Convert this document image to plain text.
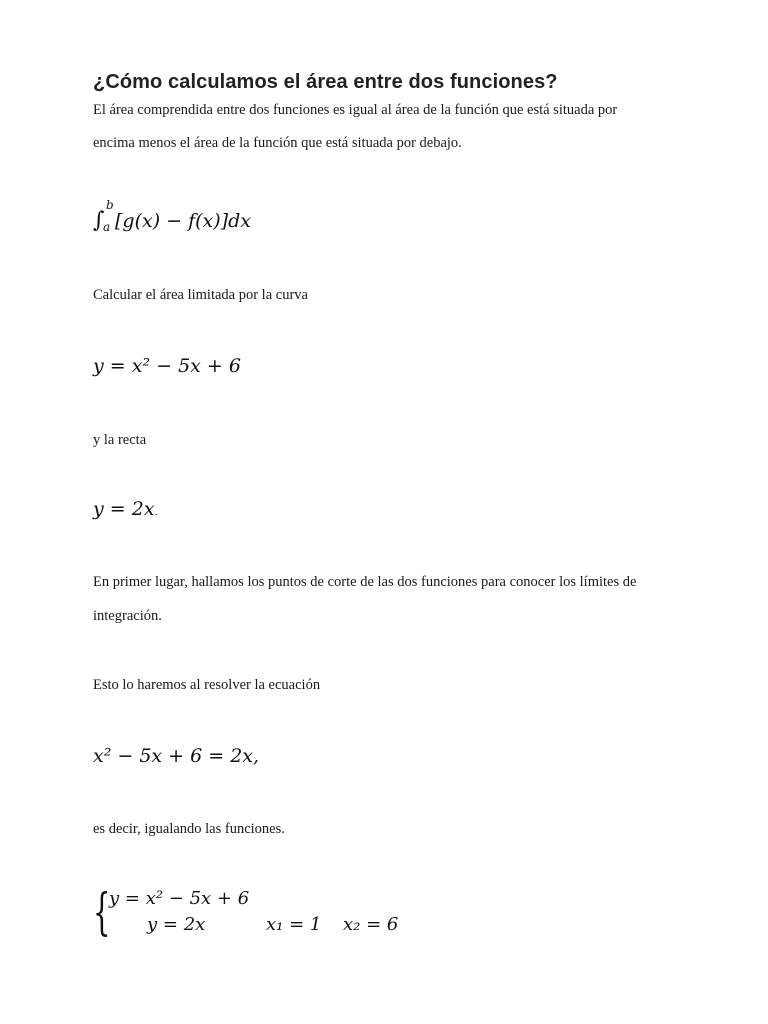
¿Cómo calculamos el área entre dos funciones?
El área comprendida entre dos funciones es igual al área de la función que está situada por
encima menos el área de la función que está situada por debajo.
∫
b
a [g(x) − f(x)]dx
Calcular el área limitada por la curva
y = x² − 5x + 6
y la recta
y = 2x.
En primer lugar, hallamos los puntos de corte de las dos funciones para conocer los límites de
integración.
Esto lo haremos al resolver la ecuación
x² − 5x + 6 = 2x,
es decir, igualando las funciones.
{
y = x² − 5x + 6
y = 2x	x₁ = 1 x₂ = 6
